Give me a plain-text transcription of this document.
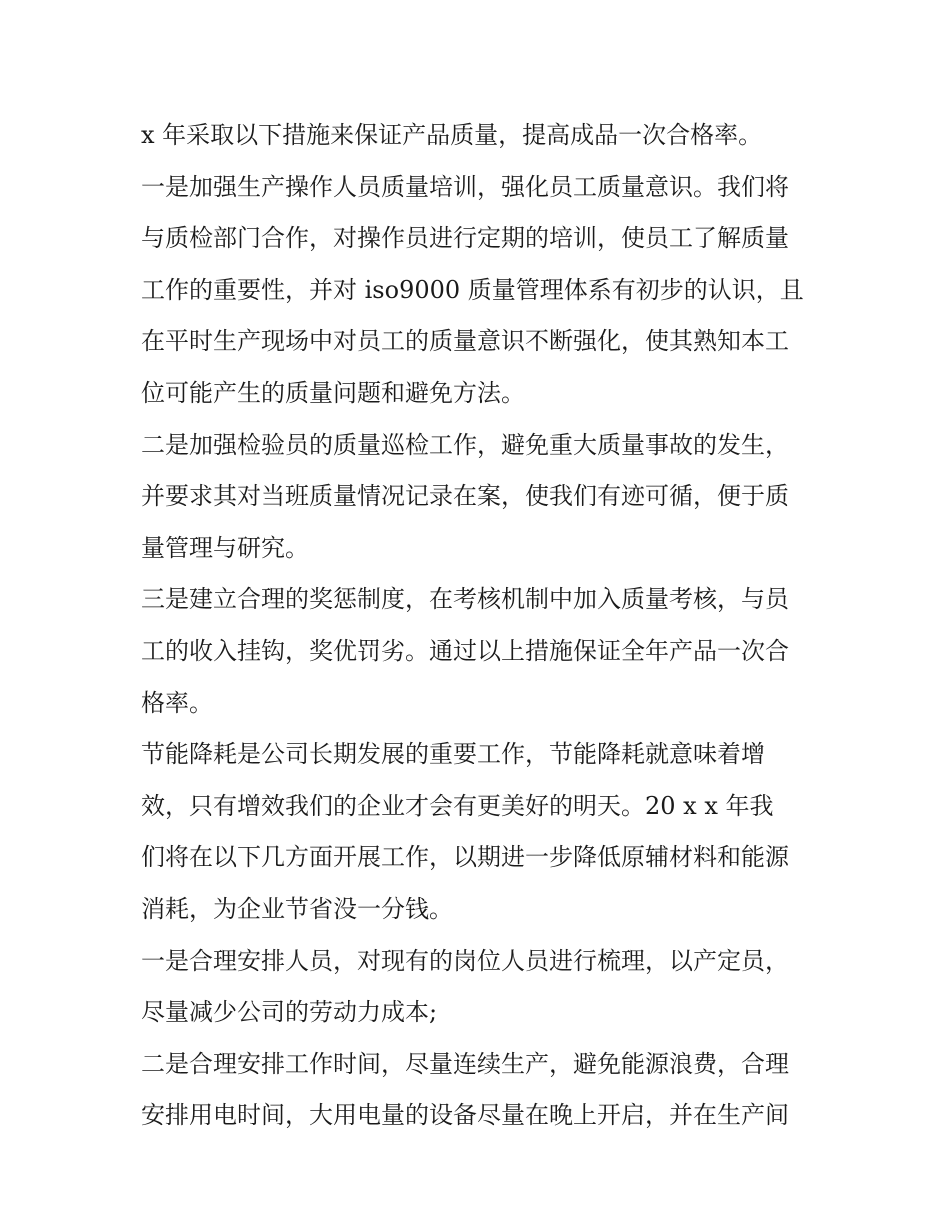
x 年采取以下措施来保证产品质量，提高成品一次合格率。
一是加强生产操作人员质量培训，强化员工质量意识。我们将
与质检部门合作，对操作员进行定期的培训，使员工了解质量
工作的重要性，并对 iso9000 质量管理体系有初步的认识，且
在平时生产现场中对员工的质量意识不断强化，使其熟知本工
位可能产生的质量问题和避免方法。
二是加强检验员的质量巡检工作，避免重大质量事故的发生，
并要求其对当班质量情况记录在案，使我们有迹可循，便于质
量管理与研究。
三是建立合理的奖惩制度，在考核机制中加入质量考核，与员
工的收入挂钩，奖优罚劣。通过以上措施保证全年产品一次合
格率。
节能降耗是公司长期发展的重要工作，节能降耗就意味着增
效，只有增效我们的企业才会有更美好的明天。20 x x 年我
们将在以下几方面开展工作，以期进一步降低原辅材料和能源
消耗，为企业节省没一分钱。
一是合理安排人员，对现有的岗位人员进行梳理，以产定员，
尽量减少公司的劳动力成本;
二是合理安排工作时间，尽量连续生产，避免能源浪费，合理
安排用电时间，大用电量的设备尽量在晚上开启，并在生产间
